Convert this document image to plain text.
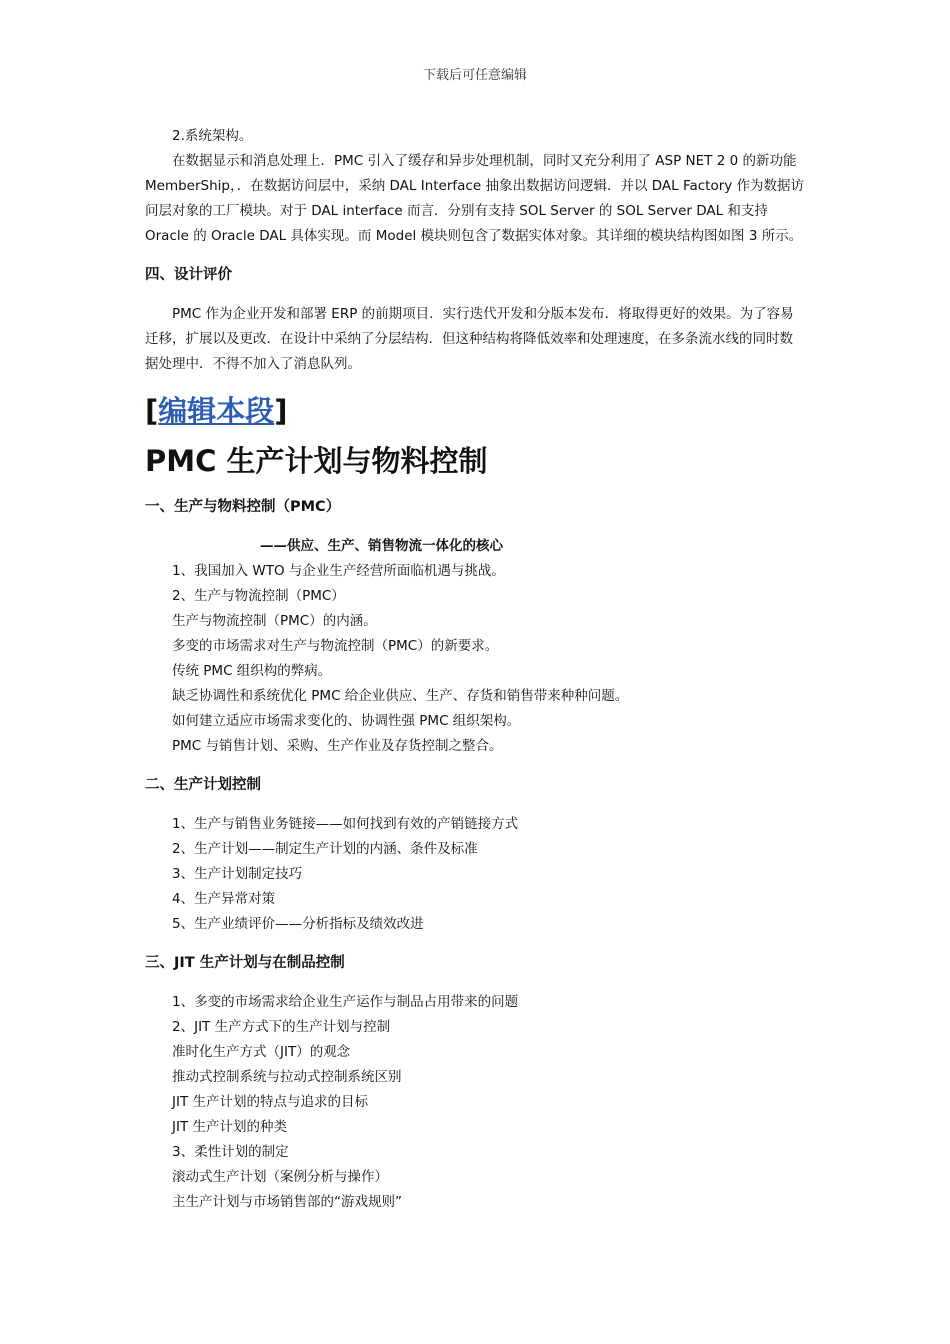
下载后可任意编辑

2.系统架构。

在数据显示和消息处理上．PMC 引入了缓存和异步处理机制，同时又充分利用了 ASP NET 2 0 的新功能 MemberShip，．在数据访问层中，采纳 DAL Interface 抽象出数据访问逻辑．并以 DAL Factory 作为数据访问层对象的工厂模块。对于 DAL interface 而言．分别有支持 SOL Server 的 SOL Server DAL 和支持 Oracle 的 Oracle DAL 具体实现。而 Model 模块则包含了数据实体对象。其详细的模块结构图如图 3 所示。

四、设计评价

PMC 作为企业开发和部署 ERP 的前期项目．实行迭代开发和分版本发布．将取得更好的效果。为了容易迁移，扩展以及更改．在设计中采纳了分层结构．但这种结构将降低效率和处理速度，在多条流水线的同时数据处理中．不得不加入了消息队列。

[编辑本段]
PMC 生产计划与物料控制
一、生产与物料控制（PMC）
——供应、生产、销售物流一体化的核心

1、我国加入 WTO 与企业生产经营所面临机遇与挑战。

2、生产与物流控制（PMC）

生产与物流控制（PMC）的内涵。

多变的市场需求对生产与物流控制（PMC）的新要求。

传统 PMC 组织构的弊病。

缺乏协调性和系统优化 PMC 给企业供应、生产、存货和销售带来种种问题。

如何建立适应市场需求变化的、协调性强 PMC 组织架构。

PMC 与销售计划、采购、生产作业及存货控制之整合。

二、生产计划控制

1、生产与销售业务链接——如何找到有效的产销链接方式

2、生产计划——制定生产计划的内涵、条件及标准

3、生产计划制定技巧

4、生产异常对策

5、生产业绩评价——分析指标及绩效改进

三、JIT 生产计划与在制品控制

1、多变的市场需求给企业生产运作与制品占用带来的问题

2、JIT 生产方式下的生产计划与控制

准时化生产方式（JIT）的观念

推动式控制系统与拉动式控制系统区别

JIT 生产计划的特点与追求的目标

JIT 生产计划的种类

3、柔性计划的制定

滚动式生产计划（案例分析与操作）

主生产计划与市场销售部的“游戏规则”
